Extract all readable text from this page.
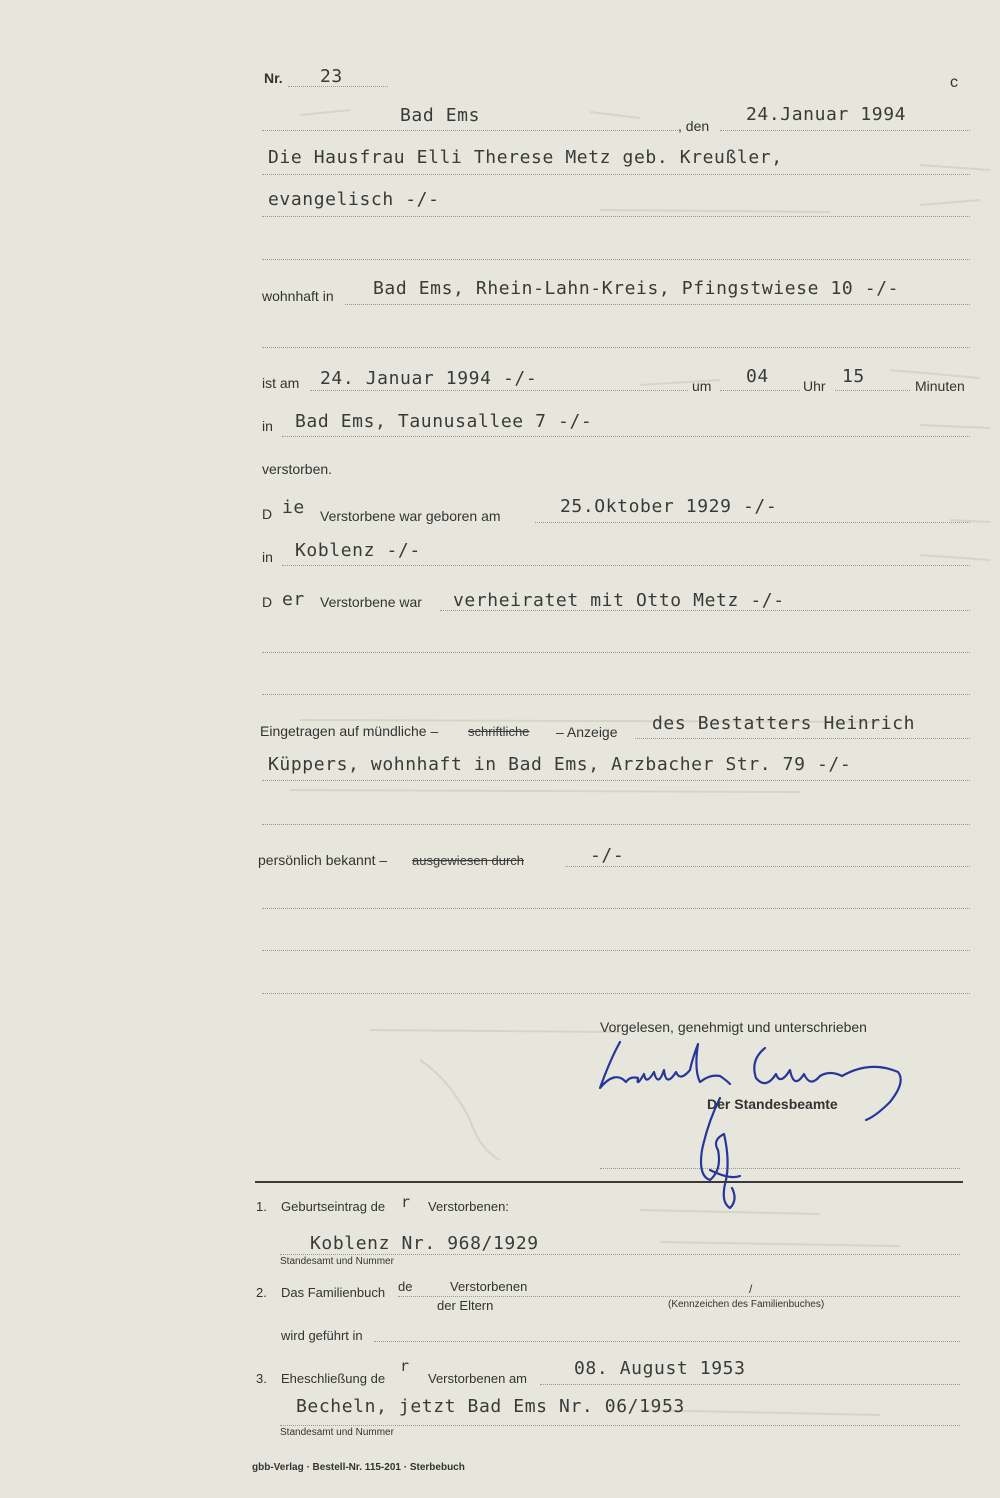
Nr. 23	c
Bad Ems	, den
24.Januar 1994
Die Hausfrau Elli Therese Metz geb. Kreußler,
evangelisch -/-
wohnhaft in Bad Ems, Rhein-Lahn-Kreis, Pfingstwiese 10 -/-
ist am 24. Januar 1994 -/-	um 04 Uhr 15	Minuten
in Bad Ems, Taunusallee 7 -/-
verstorben.
D ie Verstorbene war geboren am	25.Oktober 1929 -/-
in Koblenz -/-
D er Verstorbene war verheiratet mit Otto Metz -/-
Eingetragen auf mündliche – schriftliche – Anzeige des Bestatters Heinrich
Küppers, wohnhaft in Bad Ems, Arzbacher Str. 79 -/-
persönlich bekannt – ausgewiesen durch	-/-
Vorgelesen, genehmigt und unterschrieben
Der Standesbeamte
1. Geburtseintrag de r Verstorbenen:
Koblenz Nr. 968/1929
Standesamt und Nummer
2. Das Familienbuch de	Verstorbenen
der Eltern
/
(Kennzeichen des Familienbuches)
wird geführt in
3. Eheschließung de
r
Verstorbenen am	08. August 1953
Becheln, jetzt Bad Ems Nr. 06/1953
Standesamt und Nummer
gbb-Verlag · Bestell-Nr. 115-201 · Sterbebuch
